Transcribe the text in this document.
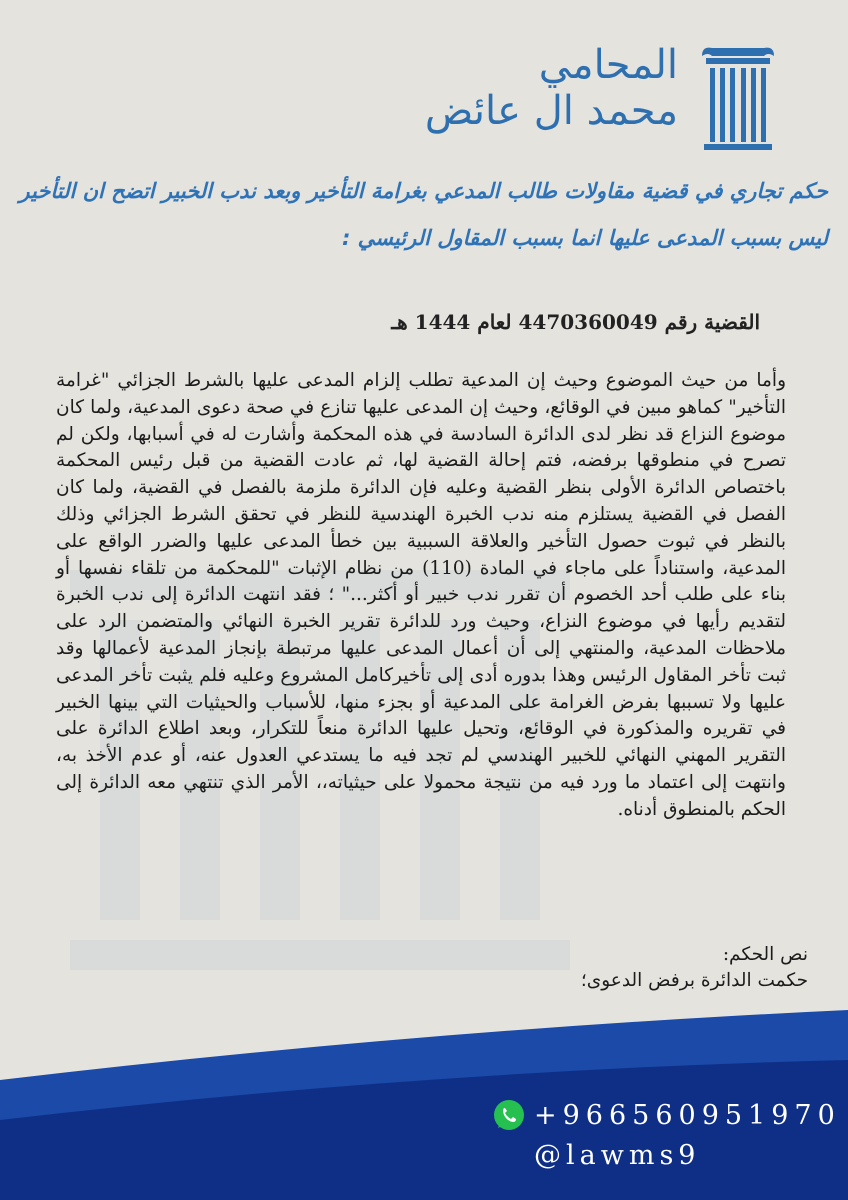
المحامي
محمد ال عائض
حكم تجاري في قضية مقاولات طالب المدعي بغرامة التأخير وبعد ندب الخبير اتضح ان التأخير ليس بسبب المدعى عليها انما بسبب المقاول الرئيسي :
القضية رقم 4470360049 لعام 1444 هـ
وأما من حيث الموضوع وحيث إن المدعية تطلب إلزام المدعى عليها بالشرط الجزائي "غرامة التأخير" كماهو مبين في الوقائع، وحيث إن المدعى عليها تنازع في صحة دعوى المدعية، ولما كان موضوع النزاع قد نظر لدى الدائرة السادسة في هذه المحكمة وأشارت له في أسبابها، ولكن لم تصرح في منطوقها برفضه، فتم إحالة القضية لها، ثم عادت القضية من قبل رئيس المحكمة باختصاص الدائرة الأولى بنظر القضية وعليه فإن الدائرة ملزمة بالفصل في القضية، ولما كان الفصل في القضية يستلزم منه ندب الخبرة الهندسية للنظر في تحقق الشرط الجزائي وذلك بالنظر في ثبوت حصول التأخير والعلاقة السببية بين خطأ المدعى عليها والضرر الواقع على المدعية، واستناداً على ماجاء في المادة (110) من نظام الإثبات "للمحكمة من تلقاء نفسها أو بناء على طلب أحد الخصوم أن تقرر ندب خبير أو أكثر..." ؛ فقد انتهت الدائرة إلى ندب الخبرة لتقديم رأيها في موضوع النزاع، وحيث ورد للدائرة تقرير الخبرة النهائي والمتضمن الرد على ملاحظات المدعية، والمنتهي إلى أن أعمال المدعى عليها مرتبطة بإنجاز المدعية لأعمالها وقد ثبت تأخر المقاول الرئيس وهذا بدوره أدى إلى تأخيركامل المشروع وعليه فلم يثبت تأخر المدعى عليها ولا تسببها بفرض الغرامة على المدعية أو بجزء منها، للأسباب والحيثيات التي بينها الخبير في تقريره والمذكورة في الوقائع، وتحيل عليها الدائرة منعاً للتكرار، وبعد اطلاع الدائرة على التقرير المهني النهائي للخبير الهندسي لم تجد فيه ما يستدعي العدول عنه، أو عدم الأخذ به، وانتهت إلى اعتماد ما ورد فيه من نتيجة محمولا على حيثياته،، الأمر الذي تنتهي معه الدائرة إلى الحكم بالمنطوق أدناه.
نص الحكم:
حكمت الدائرة برفض الدعوى؛
+966560951970
@lawms9
